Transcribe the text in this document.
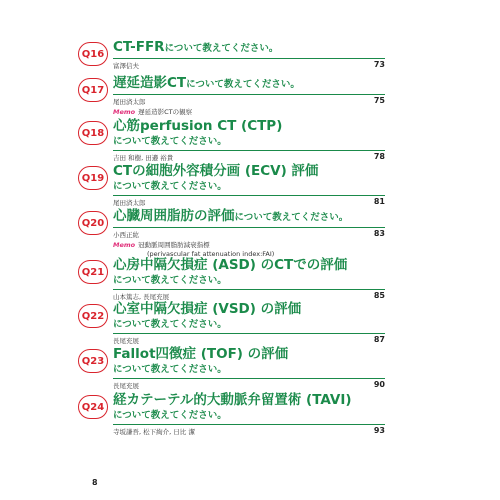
Q16 CT-FFRについて教えてください。
富澤信夫	73
Q17 遅延造影CTについて教えてください。
尾田済太郎	75
Memo 遅延造影CTの観察
Q18 心筋perfusion CT (CTP)
について教えてください。
吉田 和樹, 田邉 裕貴	78
Q19 CTの細胞外容積分画 (ECV) 評価
について教えてください。
尾田済太郎	81
Q20 心臓周囲脂肪の評価について教えてください。
小西正紘	83
Memo 冠動脈周囲脂肪減衰指標
(perivascular fat attenuation index:FAI)
Q21 心房中隔欠損症 (ASD) のCTでの評価
について教えてください。
山本篤志, 長尾充展	85
Q22 心室中隔欠損症 (VSD) の評価
について教えてください。
長尾充展	87
Q23 Fallot四徴症 (TOF) の評価
について教えてください。
長尾充展	90
Q24 経カテーテル的大動脈弁留置術 (TAVI)
について教えてください。
寺坂謙吾, 松下絢介, 日比 潔	93
8
